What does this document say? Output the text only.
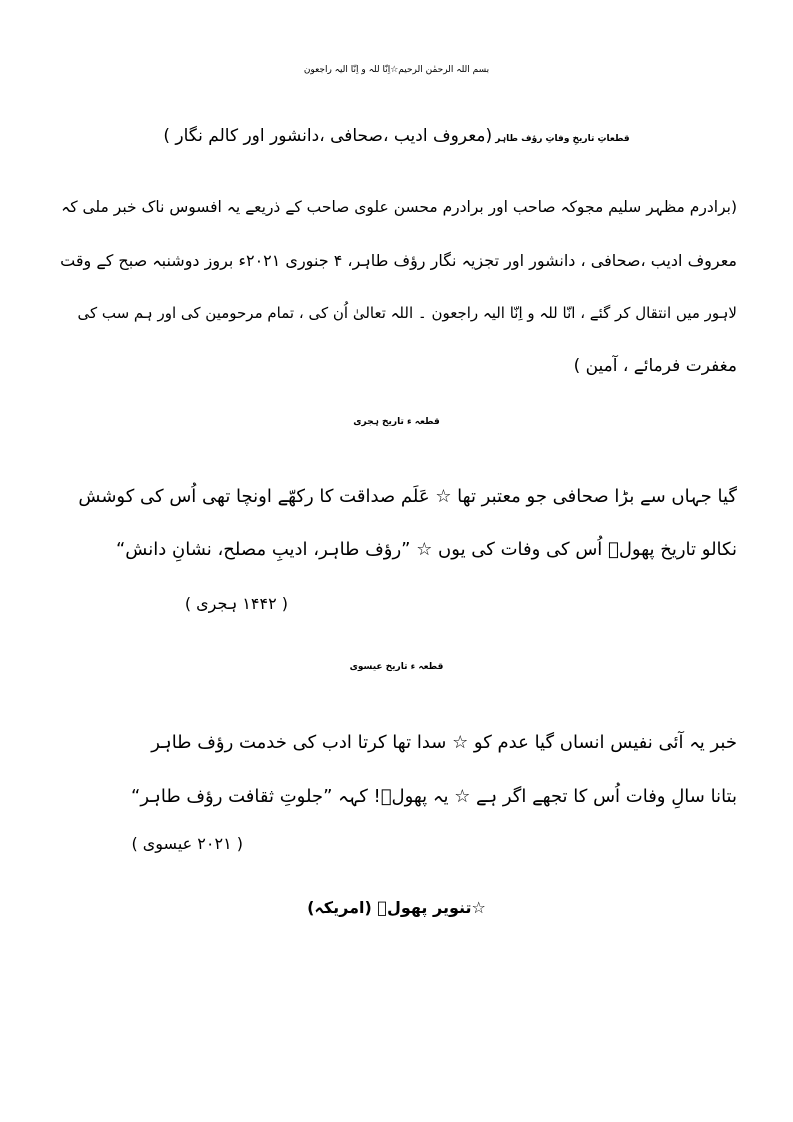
بسم اللہ الرحمٰن الرحیم☆اِنّا للہ و اِنّا الیہ راجعون
قطعاتِ تاریخِ وفاتِ رؤف طاہر (معروف ادیب ،صحافی ،دانشور اور کالم نگار )
(برادرم مظہر سلیم مجوکہ صاحب اور برادرم محسن علوی صاحب کے ذریعے یہ افسوس ناک خبر ملی کہ
معروف ادیب ،صحافی ، دانشور اور تجزیہ نگار رؤف طاہر، ۴ جنوری ۲۰۲۱ء بروز دوشنبہ صبح کے وقت
لاہور میں انتقال کر گئے ، انّا للہ و اِنّا الیہ راجعون ۔ اللہ تعالیٰ اُن کی ، تمام مرحومین کی اور ہم سب کی
مغفرت فرمائے ، آمین )
قطعہ ء تاریخ ہجری
گیا جہاں سے بڑا صحافی جو معتبر تھا ☆ عَلَم صداقت کا رکھّے اونچا تھی اُس کی کوشش
نکالو تاریخ پھولؔ اُس کی وفات کی یوں ☆ ”رؤف طاہر، ادیبِ مصلح، نشانِ دانش“
( ۱۴۴۲ ہجری )
قطعہ ء تاریخ عیسوی
خبر یہ آئی نفیس انساں گیا عدم کو ☆ سدا تھا کرتا ادب کی خدمت رؤف طاہر
بتانا سالِ وفات اُس کا تجھے اگر ہے ☆ یہ پھولؔ! کہہ ”جلوتِ ثقافت رؤف طاہر“
( ۲۰۲۱ عیسوی )
☆تنویر پھولؔ (امریکہ)
